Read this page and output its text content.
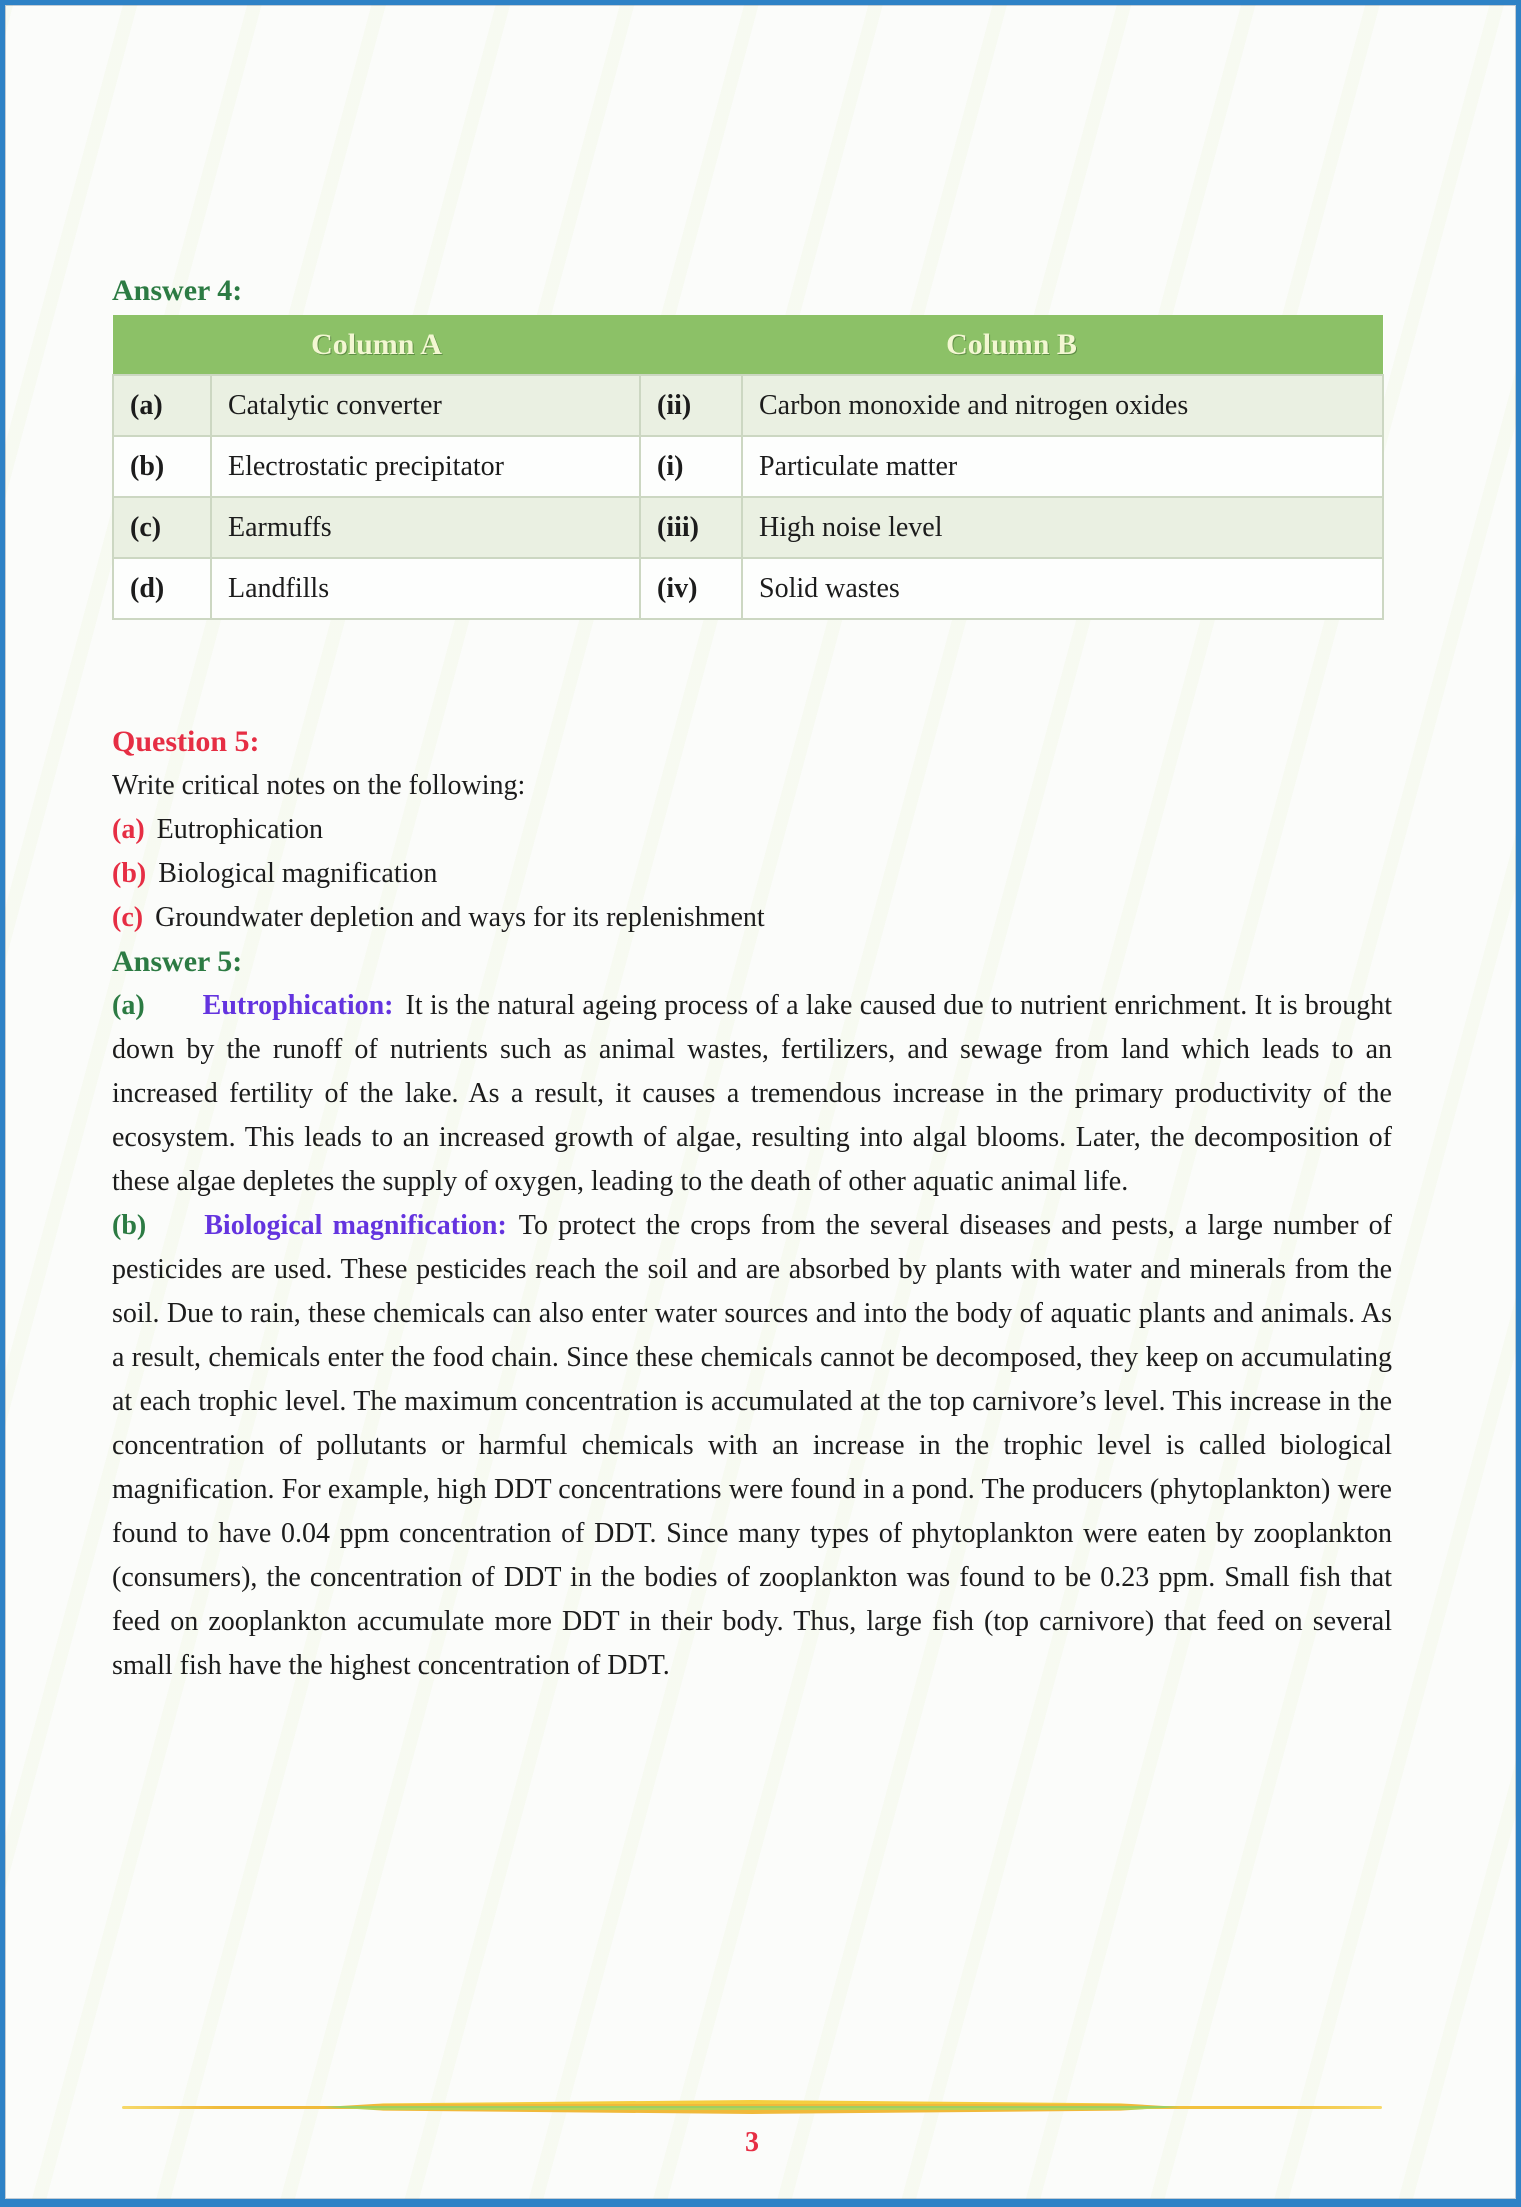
Answer 4:
Column A		Column B	
(a)	Catalytic converter	(ii)	Carbon monoxide and nitrogen oxides
(b)	Electrostatic precipitator	(i)	Particulate matter
(c)	Earmuffs	(iii)	High noise level
(d)	Landfills	(iv)	Solid wastes
Question 5:
Write critical notes on the following:
(a) Eutrophication
(b) Biological magnification
(c) Groundwater depletion and ways for its replenishment
Answer 5:

(a) Eutrophication: It is the natural ageing process of a lake caused due to nutrient enrichment. It is brought down by the runoff of nutrients such as animal wastes, fertilizers, and sewage from land which leads to an increased fertility of the lake. As a result, it causes a tremendous increase in the primary productivity of the ecosystem. This leads to an increased growth of algae, resulting into algal blooms. Later, the decomposition of these algae depletes the supply of oxygen, leading to the death of other aquatic animal life.

(b) Biological magnification: To protect the crops from the several diseases and pests, a large number of pesticides are used. These pesticides reach the soil and are absorbed by plants with water and minerals from the soil. Due to rain, these chemicals can also enter water sources and into the body of aquatic plants and animals. As a result, chemicals enter the food chain. Since these chemicals cannot be decomposed, they keep on accumulating at each trophic level. The maximum concentration is accumulated at the top carnivore’s level. This increase in the concentration of pollutants or harmful chemicals with an increase in the trophic level is called biological magnification. For example, high DDT concentrations were found in a pond. The producers (phytoplankton) were found to have 0.04 ppm concentration of DDT. Since many types of phytoplankton were eaten by zooplankton (consumers), the concentration of DDT in the bodies of zooplankton was found to be 0.23 ppm. Small fish that feed on zooplankton accumulate more DDT in their body. Thus, large fish (top carnivore) that feed on several small fish have the highest concentration of DDT.

3
